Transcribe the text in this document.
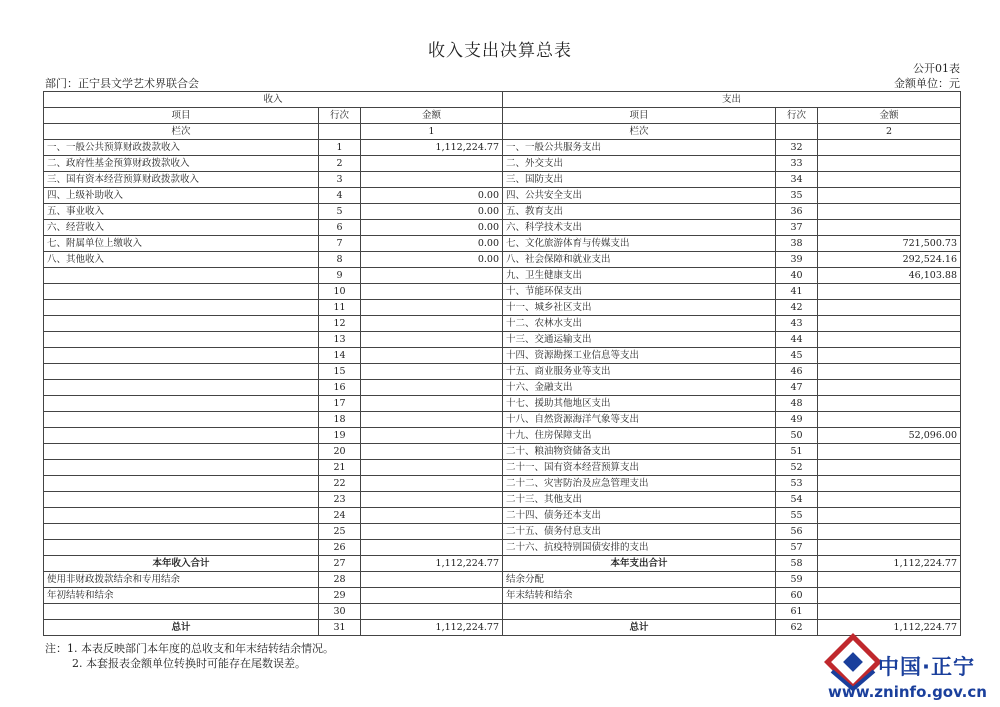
收入支出决算总表
公开01表
部门：正宁县文学艺术界联合会	金额单位：元
收入			支出		
项目	行次	金额	项目	行次	金额
栏次		1	栏次		2
一、一般公共预算财政拨款收入	1	1,112,224.77	一、一般公共服务支出	32	
二、政府性基金预算财政拨款收入	2		二、外交支出	33	
三、国有资本经营预算财政拨款收入	3		三、国防支出	34	
四、上级补助收入	4	0.00	四、公共安全支出	35	
五、事业收入	5	0.00	五、教育支出	36	
六、经营收入	6	0.00	六、科学技术支出	37	
七、附属单位上缴收入	7	0.00	七、文化旅游体育与传媒支出	38	721,500.73
八、其他收入	8	0.00	八、社会保障和就业支出	39	292,524.16
	9		九、卫生健康支出	40	46,103.88
	10		十、节能环保支出	41	
	11		十一、城乡社区支出	42	
	12		十二、农林水支出	43	
	13		十三、交通运输支出	44	
	14		十四、资源勘探工业信息等支出	45	
	15		十五、商业服务业等支出	46	
	16		十六、金融支出	47	
	17		十七、援助其他地区支出	48	
	18		十八、自然资源海洋气象等支出	49	
	19		十九、住房保障支出	50	52,096.00
	20		二十、粮油物资储备支出	51	
	21		二十一、国有资本经营预算支出	52	
	22		二十二、灾害防治及应急管理支出	53	
	23		二十三、其他支出	54	
	24		二十四、债务还本支出	55	
	25		二十五、债务付息支出	56	
	26		二十六、抗疫特别国债安排的支出	57	
本年收入合计	27	1,112,224.77	本年支出合计	58	1,112,224.77
使用非财政拨款结余和专用结余	28		结余分配	59	
年初结转和结余	29		年末结转和结余	60	
	30			61	
总计	31	1,112,224.77	总计	62	1,112,224.77
注：1. 本表反映部门本年度的总收支和年末结转结余情况。
2. 本套报表金额单位转换时可能存在尾数误差。	中国·正宁
www.zninfo.gov.cn
